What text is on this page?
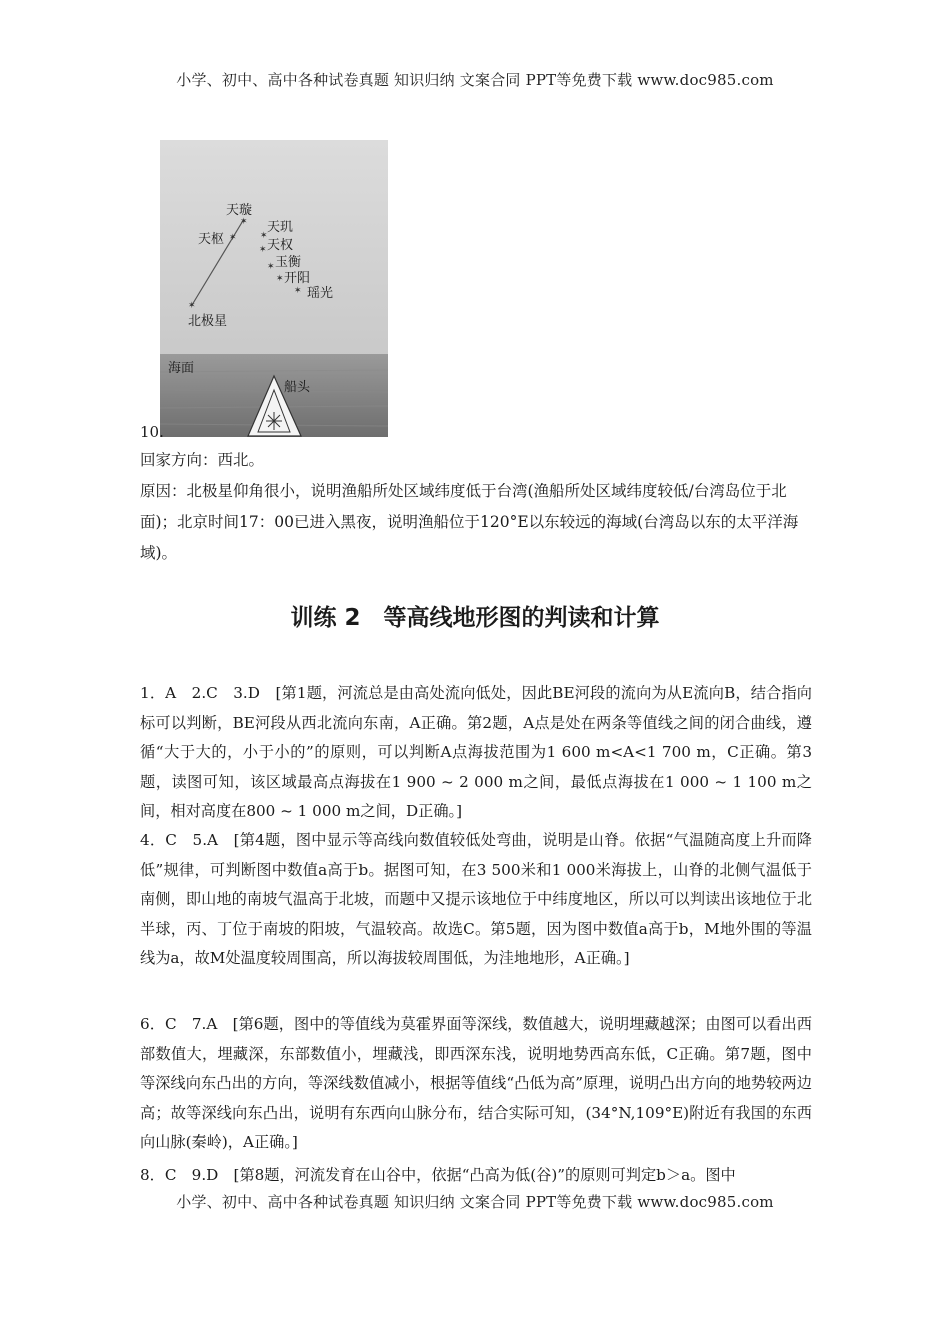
小学、初中、高中各种试卷真题 知识归纳 文案合同 PPT等免费下载 www.doc985.com
✶
✶	✶
✶
✶
✶
✶
✶
天璇
天枢
天玑
天权
玉衡
开阳
瑶光
北极星
海面
船头
10.
回家方向：西北。
原因：北极星仰角很小，说明渔船所处区域纬度低于台湾(渔船所处区域纬度较低/台湾岛位于北面)；北京时间17：00已进入黑夜，说明渔船位于120°E以东较远的海域(台湾岛以东的太平洋海域)。
训练 2　等高线地形图的判读和计算
1．A　2.C　3.D　[第1题，河流总是由高处流向低处，因此BE河段的流向为从E流向B，结合指向标可以判断，BE河段从西北流向东南，A正确。第2题，A点是处在两条等值线之间的闭合曲线，遵循“大于大的，小于小的”的原则，可以判断A点海拔范围为1 600 m<A<1 700 m，C正确。第3题，读图可知，该区域最高点海拔在1 900 ~ 2 000 m之间，最低点海拔在1 000 ~ 1 100 m之间，相对高度在800 ~ 1 000 m之间，D正确。]
4．C　5.A　[第4题，图中显示等高线向数值较低处弯曲，说明是山脊。依据“气温随高度上升而降低”规律，可判断图中数值a高于b。据图可知，在3 500米和1 000米海拔上，山脊的北侧气温低于南侧，即山地的南坡气温高于北坡，而题中又提示该地位于中纬度地区，所以可以判读出该地位于北半球，丙、丁位于南坡的阳坡，气温较高。故选C。第5题，因为图中数值a高于b，M地外围的等温线为a，故M处温度较周围高，所以海拔较周围低，为洼地地形，A正确。]
6．C　7.A　[第6题，图中的等值线为莫霍界面等深线，数值越大，说明埋藏越深；由图可以看出西部数值大，埋藏深，东部数值小，埋藏浅，即西深东浅，说明地势西高东低，C正确。第7题，图中等深线向东凸出的方向，等深线数值减小，根据等值线“凸低为高”原理，说明凸出方向的地势较两边高；故等深线向东凸出，说明有东西向山脉分布，结合实际可知，(34°N,109°E)附近有我国的东西向山脉(秦岭)，A正确。]
8．C　9.D　[第8题，河流发育在山谷中，依据“凸高为低(谷)”的原则可判定b＞a。图中
小学、初中、高中各种试卷真题 知识归纳 文案合同 PPT等免费下载 www.doc985.com
